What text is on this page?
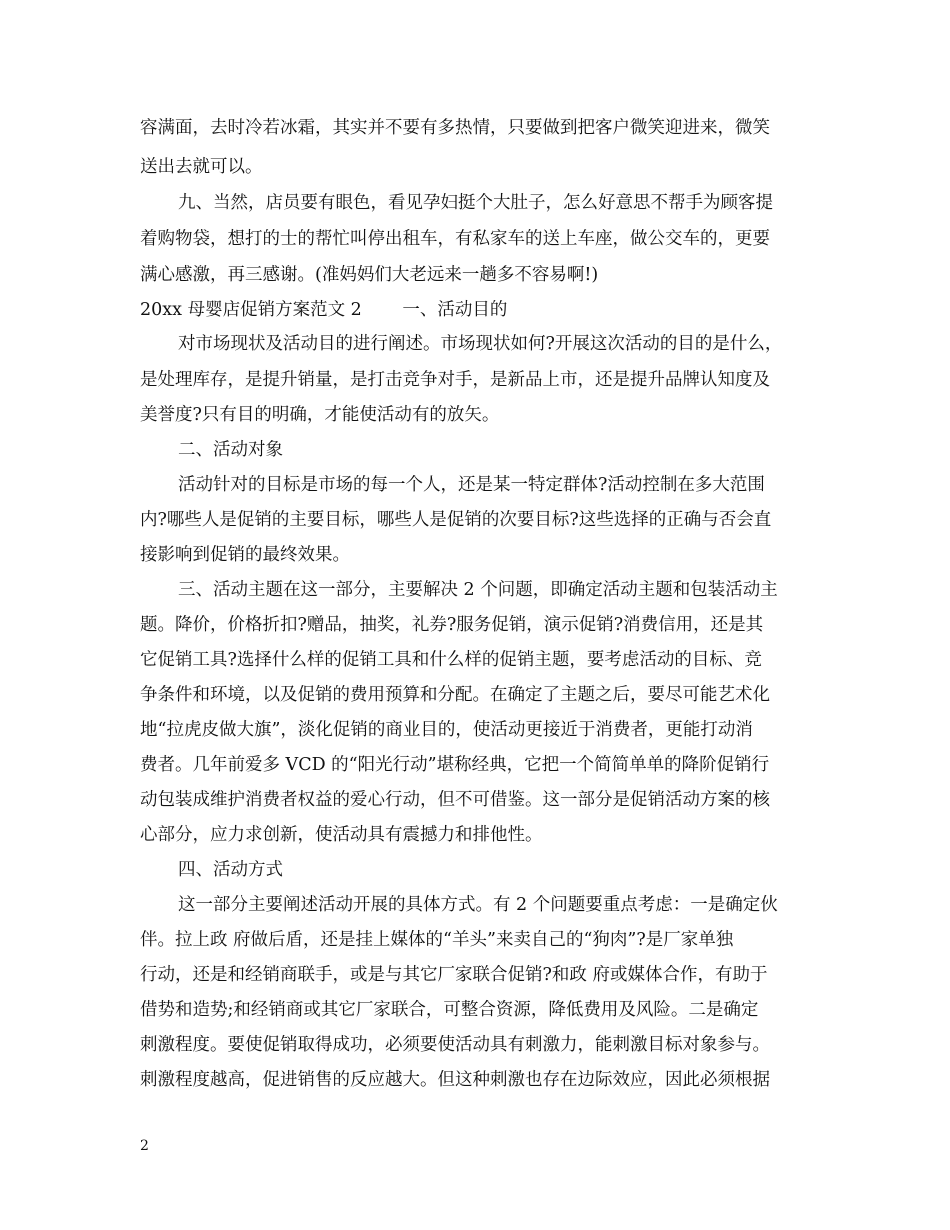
容满面，去时冷若冰霜，其实并不要有多热情，只要做到把客户微笑迎进来，微笑
送出去就可以。
九、当然，店员要有眼色，看见孕妇挺个大肚子，怎么好意思不帮手为顾客提
着购物袋，想打的士的帮忙叫停出租车，有私家车的送上车座，做公交车的，更要
满心感激，再三感谢。(准妈妈们大老远来一趟多不容易啊!)
20xx 母婴店促销方案范文 2　　 一、活动目的
对市场现状及活动目的进行阐述。市场现状如何?开展这次活动的目的是什么，
是处理库存，是提升销量，是打击竞争对手，是新品上市，还是提升品牌认知度及
美誉度?只有目的明确，才能使活动有的放矢。
二、活动对象
活动针对的目标是市场的每一个人，还是某一特定群体?活动控制在多大范围
内?哪些人是促销的主要目标，哪些人是促销的次要目标?这些选择的正确与否会直
接影响到促销的最终效果。
三、活动主题在这一部分，主要解决 2 个问题，即确定活动主题和包装活动主
题。降价，价格折扣?赠品，抽奖，礼券?服务促销，演示促销?消费信用，还是其
它促销工具?选择什么样的促销工具和什么样的促销主题，要考虑活动的目标、竞
争条件和环境，以及促销的费用预算和分配。在确定了主题之后，要尽可能艺术化
地“拉虎皮做大旗”，淡化促销的商业目的，使活动更接近于消费者，更能打动消
费者。几年前爱多 VCD 的“阳光行动”堪称经典，它把一个简简单单的降阶促销行
动包装成维护消费者权益的爱心行动，但不可借鉴。这一部分是促销活动方案的核
心部分，应力求创新，使活动具有震撼力和排他性。
四、活动方式
这一部分主要阐述活动开展的具体方式。有 2 个问题要重点考虑：一是确定伙
伴。拉上政 府做后盾，还是挂上媒体的“羊头”来卖自己的“狗肉”?是厂家单独
行动，还是和经销商联手，或是与其它厂家联合促销?和政 府或媒体合作，有助于
借势和造势;和经销商或其它厂家联合，可整合资源，降低费用及风险。二是确定
刺激程度。要使促销取得成功，必须要使活动具有刺激力，能刺激目标对象参与。
刺激程度越高，促进销售的反应越大。但这种刺激也存在边际效应，因此必须根据
2
